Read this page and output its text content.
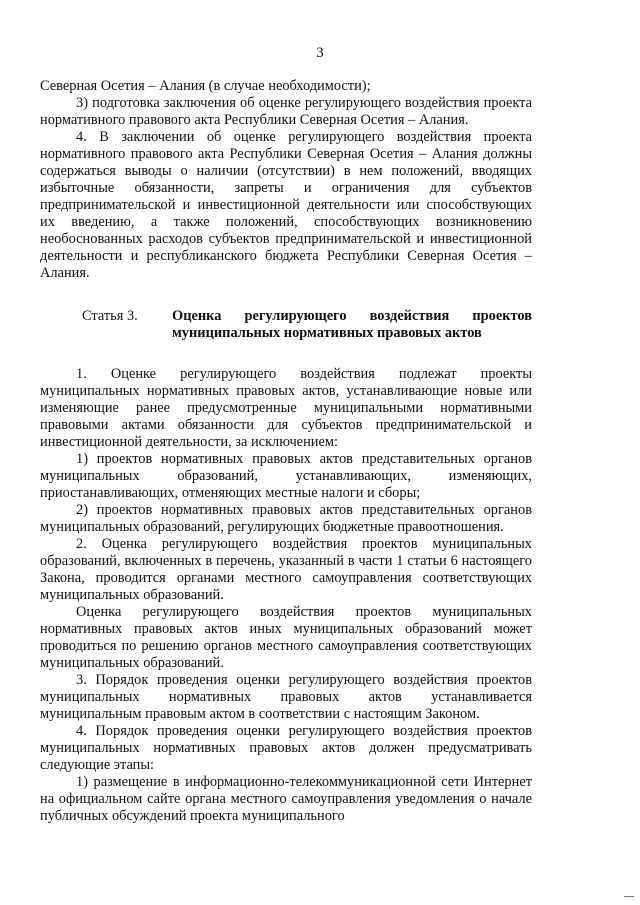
3

Северная Осетия – Алания (в случае необходимости);

3) подготовка заключения об оценке регулирующего воздействия проекта нормативного правового акта Республики Северная Осетия – Алания.

4. В заключении об оценке регулирующего воздействия проекта нормативного правового акта Республики Северная Осетия – Алания должны содержаться выводы о наличии (отсутствии) в нем положений, вводящих избыточные обязанности, запреты и ограничения для субъектов предпринимательской и инвестиционной деятельности или способствующих их введению, а также положений, способствующих возникновению необоснованных расходов субъектов предпринимательской и инвестиционной деятельности и республиканского бюджета Республики Северная Осетия – Алания.

Статья 3.	Оценка регулирующего воздействия проектов муниципальных нормативных правовых актов

1. Оценке регулирующего воздействия подлежат проекты муниципальных нормативных правовых актов, устанавливающие новые или изменяющие ранее предусмотренные муниципальными нормативными правовыми актами обязанности для субъектов предпринимательской и инвестиционной деятельности, за исключением:

1) проектов нормативных правовых актов представительных органов муниципальных образований, устанавливающих, изменяющих, приостанавливающих, отменяющих местные налоги и сборы;

2) проектов нормативных правовых актов представительных органов муниципальных образований, регулирующих бюджетные правоотношения.

2. Оценка регулирующего воздействия проектов муниципальных образований, включенных в перечень, указанный в части 1 статьи 6 настоящего Закона, проводится органами местного самоуправления соответствующих муниципальных образований.

Оценка регулирующего воздействия проектов муниципальных нормативных правовых актов иных муниципальных образований может проводиться по решению органов местного самоуправления соответствующих муниципальных образований.

3. Порядок проведения оценки регулирующего воздействия проектов муниципальных нормативных правовых актов устанавливается муниципальным правовым актом в соответствии с настоящим Законом.

4. Порядок проведения оценки регулирующего воздействия проектов муниципальных нормативных правовых актов должен предусматривать следующие этапы:

1) размещение в информационно-телекоммуникационной сети Интернет на официальном сайте органа местного самоуправления уведомления о начале публичных обсуждений проекта муниципального
